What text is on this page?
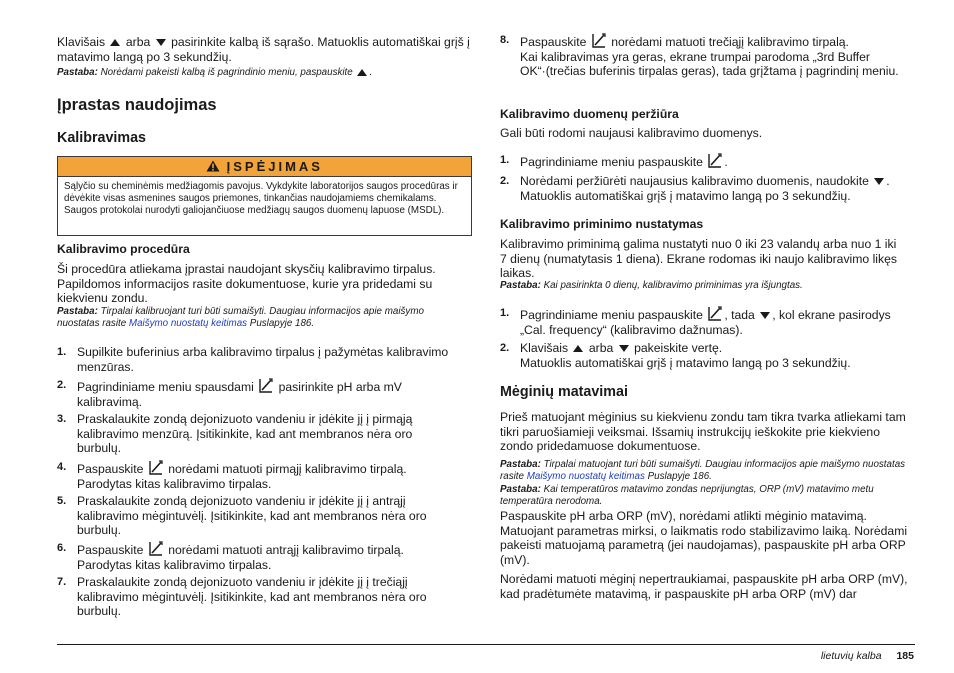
Klavišais arba pasirinkite kalbą iš sąrašo. Matuoklis automatiškai grįš į matavimo langą po 3 sekundžių.

Pastaba: Norėdami pakeisti kalbą iš pagrindinio meniu, paspauskite .

Įprastas naudojimas
Kalibravimas
ĮSPĖJIMAS
Sąlyčio su cheminėmis medžiagomis pavojus. Vykdykite laboratorijos saugos procedūras ir dėvėkite visas asmenines saugos priemones, tinkančias naudojamiems chemikalams. Saugos protokolai nurodyti galiojančiuose medžiagų saugos duomenų lapuose (MSDL).
Kalibravimo procedūra

Ši procedūra atliekama įprastai naudojant skysčių kalibravimo tirpalus. Papildomos informacijos rasite dokumentuose, kurie yra pridedami su kiekvienu zondu.

Pastaba: Tirpalai kalibruojant turi būti sumaišyti. Daugiau informacijos apie maišymo nuostatas rasite Maišymo nuostatų keitimas Puslapyje 186.

1. Supilkite buferinius arba kalibravimo tirpalus į pažymėtas kalibravimo menzūras.
2. Pagrindiniame meniu spausdami pasirinkite pH arba mV
kalibravimą.
3. Praskalaukite zondą dejonizuoto vandeniu ir įdėkite jį į pirmąją kalibravimo menzūrą. Įsitikinkite, kad ant membranos nėra oro burbulų.
4. Paspauskite norėdami matuoti pirmąjį kalibravimo tirpalą.
Parodytas kitas kalibravimo tirpalas.
5. Praskalaukite zondą dejonizuoto vandeniu ir įdėkite jį į antrąjį kalibravimo mėgintuvėlį. Įsitikinkite, kad ant membranos nėra oro burbulų.
6. Paspauskite norėdami matuoti antrąjį kalibravimo tirpalą.
Parodytas kitas kalibravimo tirpalas.
7. Praskalaukite zondą dejonizuoto vandeniu ir įdėkite jį į trečiąjį kalibravimo mėgintuvėlį. Įsitikinkite, kad ant membranos nėra oro burbulų.
8. Paspauskite norėdami matuoti trečiąjį kalibravimo tirpalą.
Kai kalibravimas yra geras, ekrane trumpai parodoma „3rd Buffer OK“·(trečias buferinis tirpalas geras), tada grįžtama į pagrindinį meniu.
Kalibravimo duomenų peržiūra

Gali būti rodomi naujausi kalibravimo duomenys.

1. Pagrindiniame meniu paspauskite .
2. Norėdami peržiūrėti naujausius kalibravimo duomenis, naudokite .
Matuoklis automatiškai grįš į matavimo langą po 3 sekundžių.
Kalibravimo priminimo nustatymas

Kalibravimo priminimą galima nustatyti nuo 0 iki 23 valandų arba nuo 1 iki 7 dienų (numatytasis 1 diena). Ekrane rodomas iki naujo kalibravimo likęs laikas.

Pastaba: Kai pasirinkta 0 dienų, kalibravimo priminimas yra išjungtas.

1. Pagrindiniame meniu paspauskite , tada , kol ekrane pasirodys
„Cal. frequency“ (kalibravimo dažnumas).
2. Klavišais arba pakeiskite vertę.
Matuoklis automatiškai grįš į matavimo langą po 3 sekundžių.
Mėginių matavimai

Prieš matuojant mėginius su kiekvienu zondu tam tikra tvarka atliekami tam tikri paruošiamieji veiksmai. Išsamių instrukcijų ieškokite prie kiekvieno zondo pridedamuose dokumentuose.

Pastaba: Tirpalai matuojant turi būti sumaišyti. Daugiau informacijos apie maišymo nuostatas rasite Maišymo nuostatų keitimas Puslapyje 186.

Pastaba: Kai temperatūros matavimo zondas neprijungtas, ORP (mV) matavimo metu temperatūra nerodoma.

Paspauskite pH arba ORP (mV), norėdami atlikti mėginio matavimą. Matuojant parametras mirksi, o laikmatis rodo stabilizavimo laiką. Norėdami pakeisti matuojamą parametrą (jei naudojamas), paspauskite pH arba ORP (mV).

Norėdami matuoti mėginį nepertraukiamai, paspauskite pH arba ORP (mV), kad pradėtumėte matavimą, ir paspauskite pH arba ORP (mV) dar

lietuvių kalba 185
